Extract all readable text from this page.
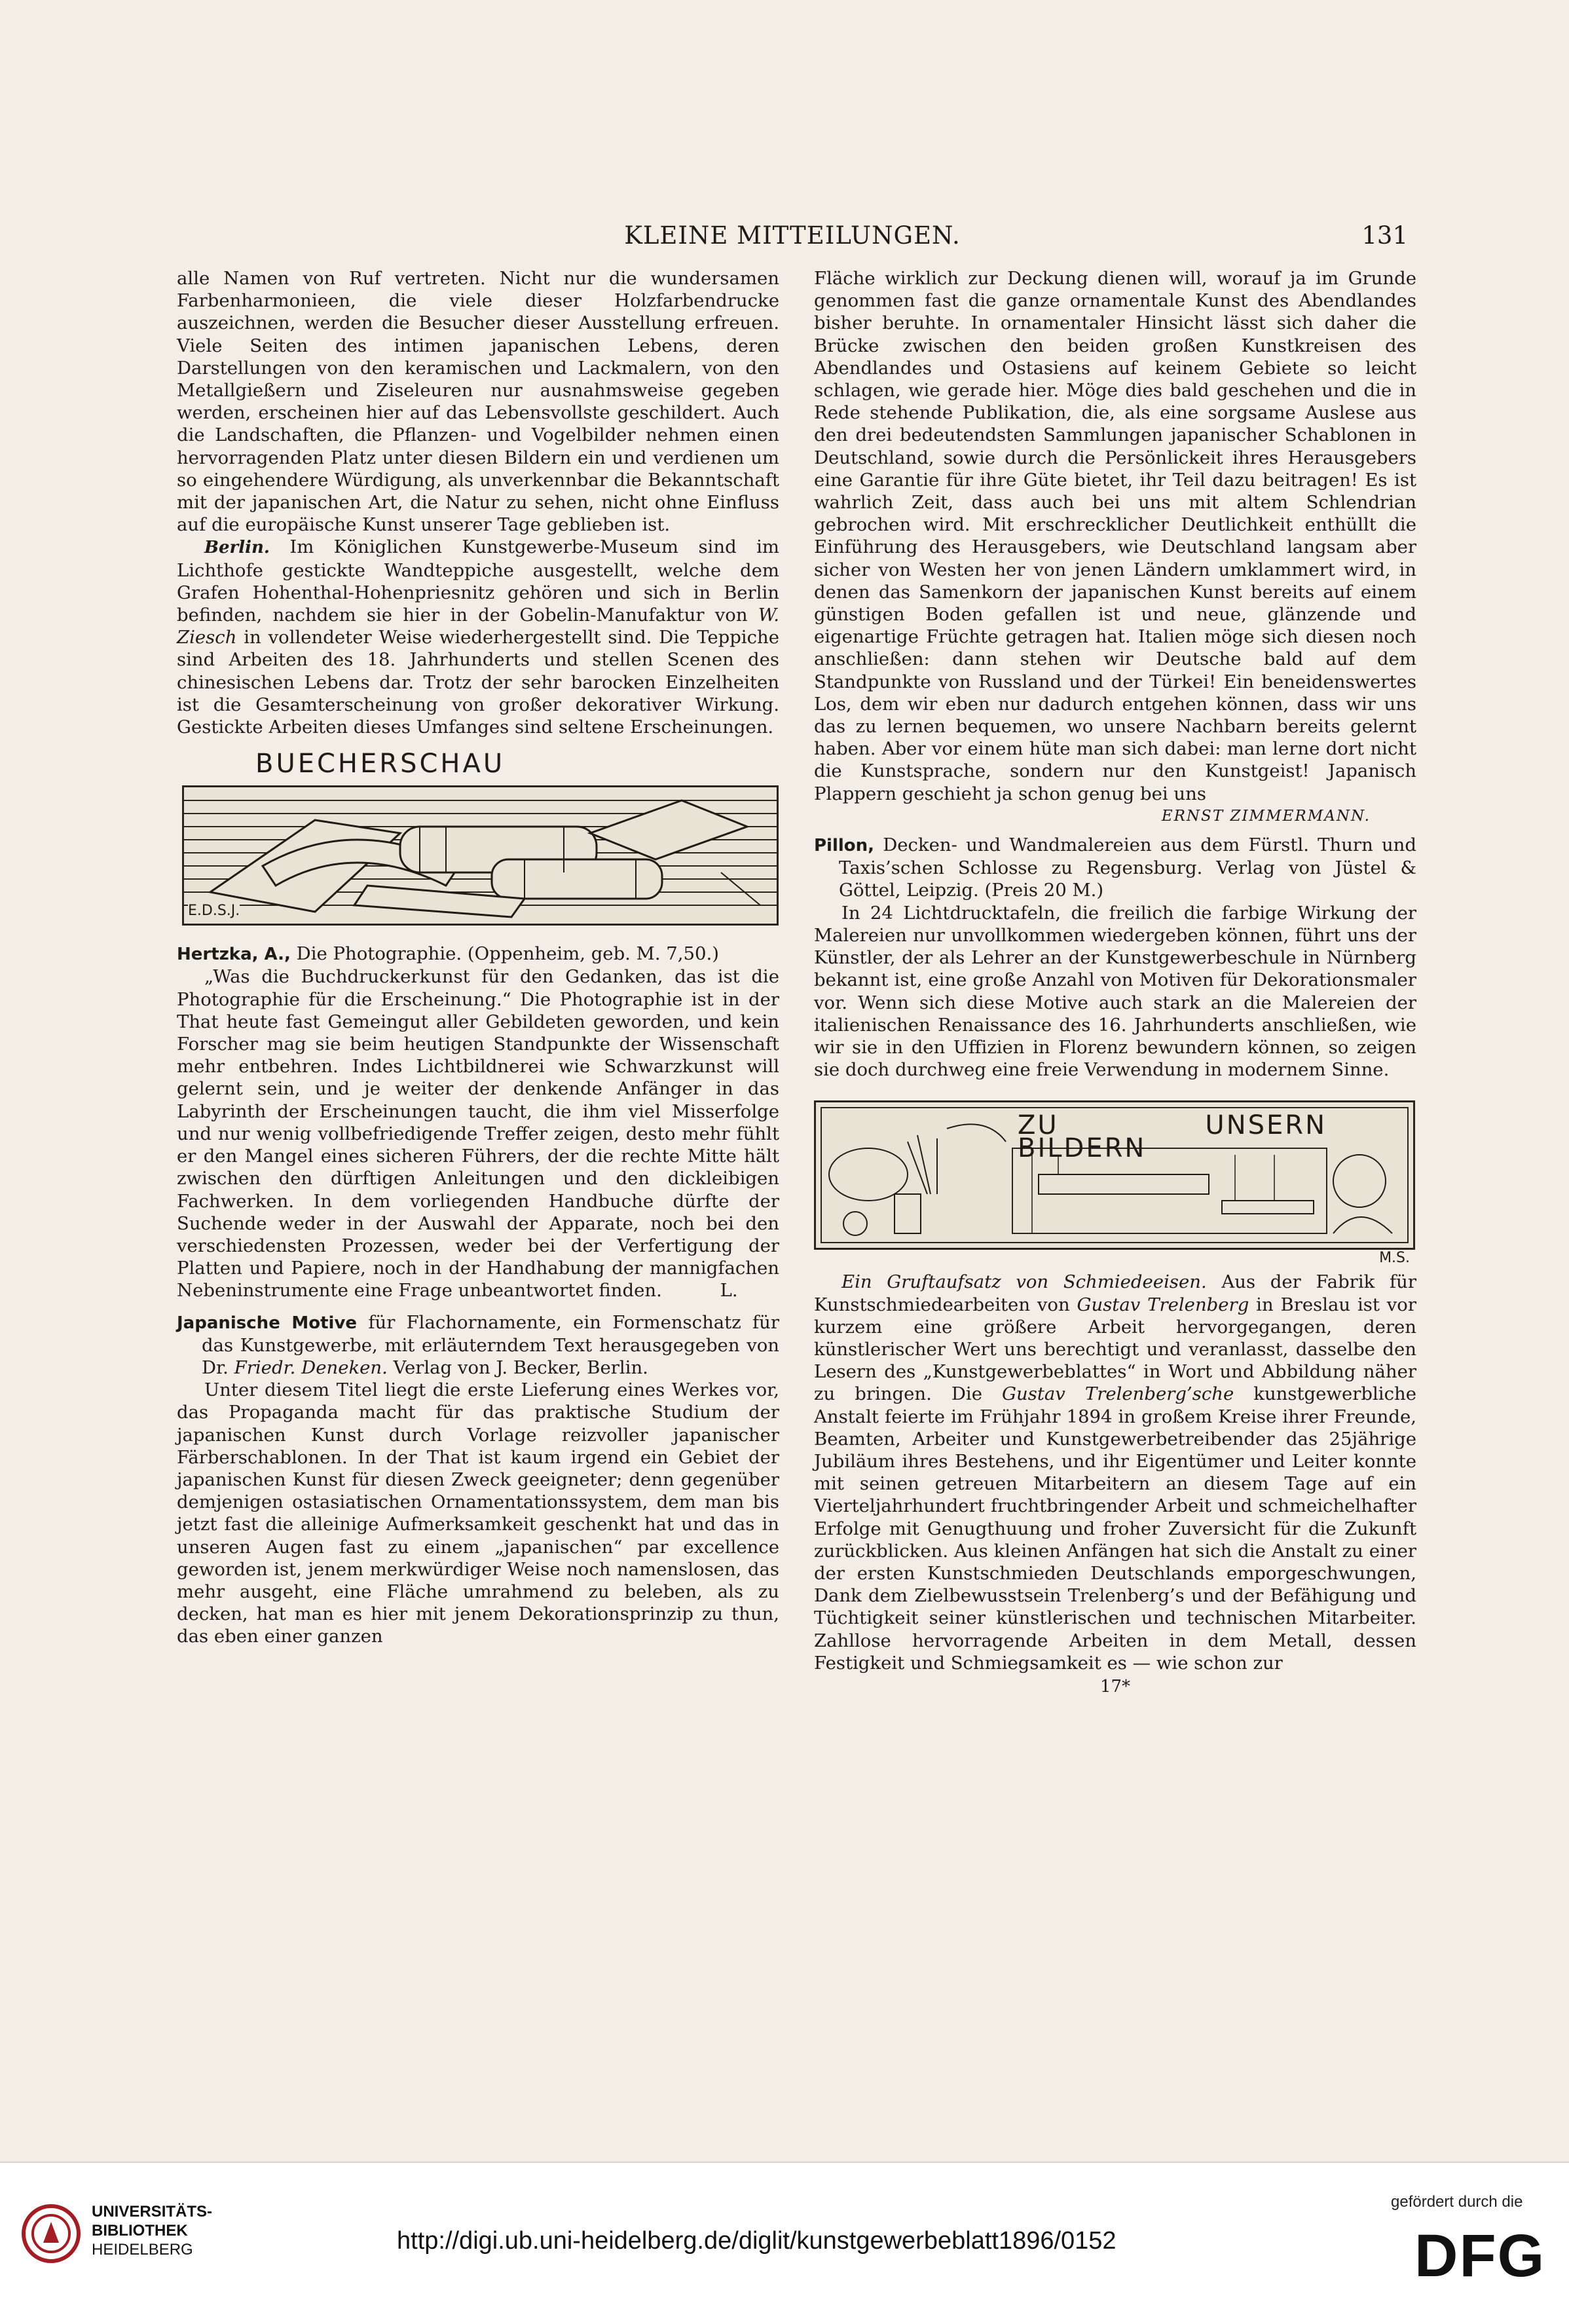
KLEINE MITTEILUNGEN.	131

alle Namen von Ruf vertreten. Nicht nur die wundersamen Farbenharmonieen, die viele dieser Holzfarbendrucke auszeichnen, werden die Besucher dieser Ausstellung erfreuen. Viele Seiten des intimen japanischen Lebens, deren Darstellungen von den keramischen und Lackmalern, von den Metallgießern und Ziseleuren nur ausnahmsweise gegeben werden, erscheinen hier auf das Lebensvollste geschildert. Auch die Landschaften, die Pflanzen- und Vogelbilder nehmen einen hervorragenden Platz unter diesen Bildern ein und verdienen um so eingehendere Würdigung, als unverkennbar die Bekanntschaft mit der japanischen Art, die Natur zu sehen, nicht ohne Einfluss auf die europäische Kunst unserer Tage geblieben ist.

Berlin. Im Königlichen Kunstgewerbe-Museum sind im Lichthofe gestickte Wandteppiche ausgestellt, welche dem Grafen Hohenthal-Hohenpriesnitz gehören und sich in Berlin befinden, nachdem sie hier in der Gobelin-Manufaktur von W. Ziesch in vollendeter Weise wiederhergestellt sind. Die Teppiche sind Arbeiten des 18. Jahrhunderts und stellen Scenen des chinesischen Lebens dar. Trotz der sehr barocken Einzelheiten ist die Gesamterscheinung von großer dekorativer Wirkung. Gestickte Arbeiten dieses Umfanges sind seltene Erscheinungen.

BUECHERSCHAU
E.D.S.J.

Hertzka, A., Die Photographie. (Oppenheim, geb. M. 7,50.)

„Was die Buchdruckerkunst für den Gedanken, das ist die Photographie für die Erscheinung.“ Die Photographie ist in der That heute fast Gemeingut aller Gebildeten geworden, und kein Forscher mag sie beim heutigen Standpunkte der Wissenschaft mehr entbehren. Indes Lichtbildnerei wie Schwarzkunst will gelernt sein, und je weiter der denkende Anfänger in das Labyrinth der Erscheinungen taucht, die ihm viel Misserfolge und nur wenig vollbefriedigende Treffer zeigen, desto mehr fühlt er den Mangel eines sicheren Führers, der die rechte Mitte hält zwischen den dürftigen Anleitungen und den dickleibigen Fachwerken. In dem vorliegenden Handbuche dürfte der Suchende weder in der Auswahl der Apparate, noch bei den verschiedensten Prozessen, weder bei der Verfertigung der Platten und Papiere, noch in der Handhabung der mannigfachen Nebeninstrumente eine Frage unbeantwortet finden.	L.

Japanische Motive für Flachornamente, ein Formenschatz für das Kunstgewerbe, mit erläuterndem Text herausgegeben von Dr. Friedr. Deneken. Verlag von J. Becker, Berlin.

Unter diesem Titel liegt die erste Lieferung eines Werkes vor, das Propaganda macht für das praktische Studium der japanischen Kunst durch Vorlage reizvoller japanischer Färberschablonen. In der That ist kaum irgend ein Gebiet der japanischen Kunst für diesen Zweck geeigneter; denn gegenüber demjenigen ostasiatischen Ornamentationssystem, dem man bis jetzt fast die alleinige Aufmerksamkeit geschenkt hat und das in unseren Augen fast zu einem „japanischen“ par excellence geworden ist, jenem merkwürdiger Weise noch namenslosen, das mehr ausgeht, eine Fläche umrahmend zu beleben, als zu decken, hat man es hier mit jenem Dekorationsprinzip zu thun, das eben einer ganzen

Fläche wirklich zur Deckung dienen will, worauf ja im Grunde genommen fast die ganze ornamentale Kunst des Abendlandes bisher beruhte. In ornamentaler Hinsicht lässt sich daher die Brücke zwischen den beiden großen Kunstkreisen des Abendlandes und Ostasiens auf keinem Gebiete so leicht schlagen, wie gerade hier. Möge dies bald geschehen und die in Rede stehende Publikation, die, als eine sorgsame Auslese aus den drei bedeutendsten Sammlungen japanischer Schablonen in Deutschland, sowie durch die Persönlickeit ihres Herausgebers eine Garantie für ihre Güte bietet, ihr Teil dazu beitragen! Es ist wahrlich Zeit, dass auch bei uns mit altem Schlendrian gebrochen wird. Mit erschrecklicher Deutlichkeit enthüllt die Einführung des Herausgebers, wie Deutschland langsam aber sicher von Westen her von jenen Ländern umklammert wird, in denen das Samenkorn der japanischen Kunst bereits auf einem günstigen Boden gefallen ist und neue, glänzende und eigenartige Früchte getragen hat. Italien möge sich diesen noch anschließen: dann stehen wir Deutsche bald auf dem Standpunkte von Russland und der Türkei! Ein beneidenswertes Los, dem wir eben nur dadurch entgehen können, dass wir uns das zu lernen bequemen, wo unsere Nachbarn bereits gelernt haben. Aber vor einem hüte man sich dabei: man lerne dort nicht die Kunstsprache, sondern nur den Kunstgeist! Japanisch Plappern geschieht ja schon genug bei uns

ERNST ZIMMERMANN.

Pillon, Decken- und Wandmalereien aus dem Fürstl. Thurn und Taxis’schen Schlosse zu Regensburg. Verlag von Jüstel & Göttel, Leipzig. (Preis 20 M.)

In 24 Lichtdrucktafeln, die freilich die farbige Wirkung der Malereien nur unvollkommen wiedergeben können, führt uns der Künstler, der als Lehrer an der Kunstgewerbeschule in Nürnberg bekannt ist, eine große Anzahl von Motiven für Dekorationsmaler vor. Wenn sich diese Motive auch stark an die Malereien der italienischen Renaissance des 16. Jahrhunderts anschließen, wie wir sie in den Uffizien in Florenz bewundern können, so zeigen sie doch durchweg eine freie Verwendung in modernem Sinne.

ZU UNSERN BILDERN
M.S.

Ein Gruftaufsatz von Schmiedeeisen. Aus der Fabrik für Kunstschmiedearbeiten von Gustav Trelenberg in Breslau ist vor kurzem eine größere Arbeit hervorgegangen, deren künstlerischer Wert uns berechtigt und veranlasst, dasselbe den Lesern des „Kunstgewerbeblattes“ in Wort und Abbildung näher zu bringen. Die Gustav Trelenberg’sche kunstgewerbliche Anstalt feierte im Frühjahr 1894 in großem Kreise ihrer Freunde, Beamten, Arbeiter und Kunstgewerbetreibender das 25jährige Jubiläum ihres Bestehens, und ihr Eigentümer und Leiter konnte mit seinen getreuen Mitarbeitern an diesem Tage auf ein Vierteljahrhundert fruchtbringender Arbeit und schmeichelhafter Erfolge mit Genugthuung und froher Zuversicht für die Zukunft zurückblicken. Aus kleinen Anfängen hat sich die Anstalt zu einer der ersten Kunstschmieden Deutschlands emporgeschwungen, Dank dem Zielbewusstsein Trelenberg’s und der Befähigung und Tüchtigkeit seiner künstlerischen und technischen Mitarbeiter. Zahllose hervorragende Arbeiten in dem Metall, dessen Festigkeit und Schmiegsamkeit es — wie schon zur

17*
UNIVERSITÄTS-
BIBLIOTHEK
HEIDELBERG	http://digi.ub.uni-heidelberg.de/diglit/kunstgewerbeblatt1896/0152
gefördert durch die
DFG
